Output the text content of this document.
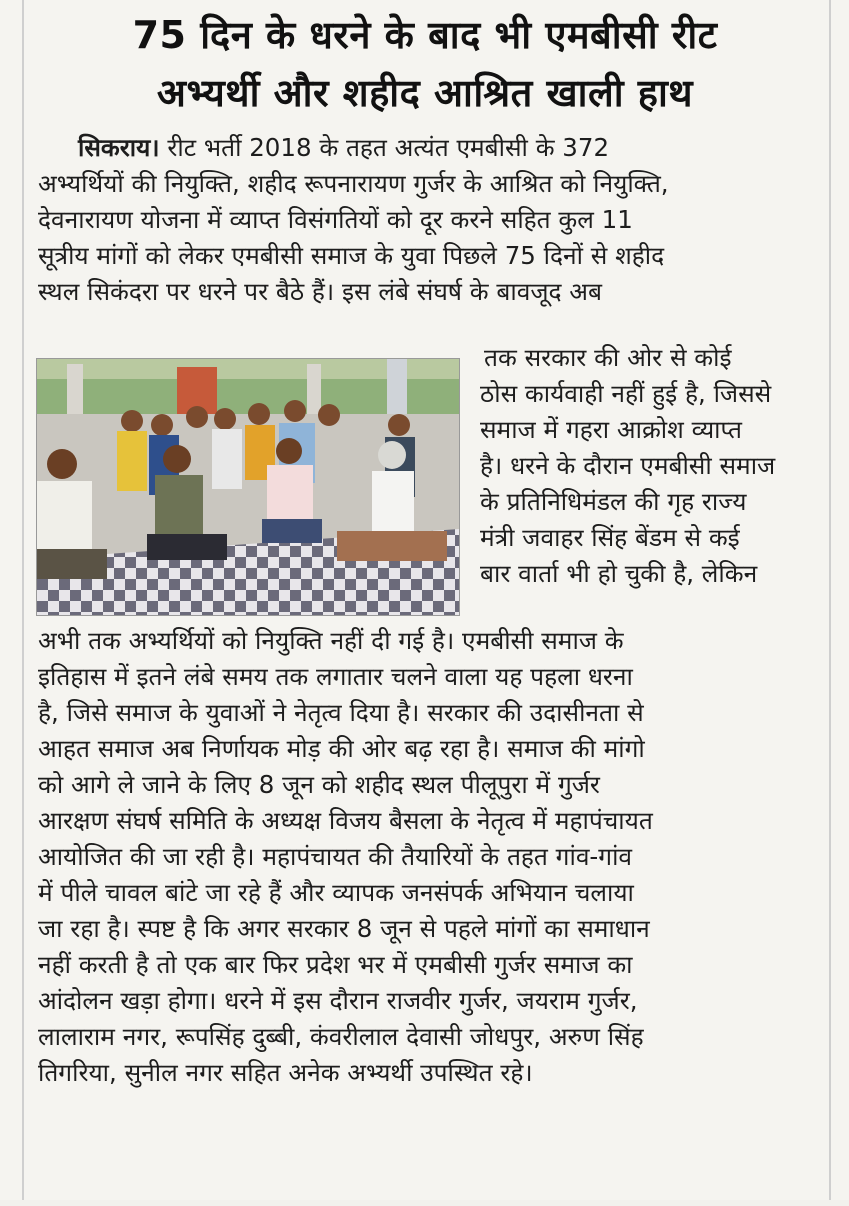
75 दिन के धरने के बाद भी एमबीसी रीट
अभ्यर्थी और शहीद आश्रित खाली हाथ
सिकराय। रीट भर्ती 2018 के तहत अत्यंत एमबीसी के 372
अभ्यर्थियों की नियुक्ति, शहीद रूपनारायण गुर्जर के आश्रित को नियुक्ति,
देवनारायण योजना में व्याप्त विसंगतियों को दूर करने सहित कुल 11
सूत्रीय मांगों को लेकर एमबीसी समाज के युवा पिछले 75 दिनों से शहीद
स्थल सिकंदरा पर धरने पर बैठे हैं। इस लंबे संघर्ष के बावजूद अब
तक सरकार की ओर से कोई
ठोस कार्यवाही नहीं हुई है, जिससे
समाज में गहरा आक्रोश व्याप्त
है। धरने के दौरान एमबीसी समाज
के प्रतिनिधिमंडल की गृह राज्य
मंत्री जवाहर सिंह बेंडम से कई
बार वार्ता भी हो चुकी है, लेकिन
अभी तक अभ्यर्थियों को नियुक्ति नहीं दी गई है। एमबीसी समाज के
इतिहास में इतने लंबे समय तक लगातार चलने वाला यह पहला धरना
है, जिसे समाज के युवाओं ने नेतृत्व दिया है। सरकार की उदासीनता से
आहत समाज अब निर्णायक मोड़ की ओर बढ़ रहा है। समाज की मांगो
को आगे ले जाने के लिए 8 जून को शहीद स्थल पीलूपुरा में गुर्जर
आरक्षण संघर्ष समिति के अध्यक्ष विजय बैसला के नेतृत्व में महापंचायत
आयोजित की जा रही है। महापंचायत की तैयारियों के तहत गांव-गांव
में पीले चावल बांटे जा रहे हैं और व्यापक जनसंपर्क अभियान चलाया
जा रहा है। स्पष्ट है कि अगर सरकार 8 जून से पहले मांगों का समाधान
नहीं करती है तो एक बार फिर प्रदेश भर में एमबीसी गुर्जर समाज का
आंदोलन खड़ा होगा। धरने में इस दौरान राजवीर गुर्जर, जयराम गुर्जर,
लालाराम नगर, रूपसिंह दुब्बी, कंवरीलाल देवासी जोधपुर, अरुण सिंह
तिगरिया, सुनील नगर सहित अनेक अभ्यर्थी उपस्थित रहे।
